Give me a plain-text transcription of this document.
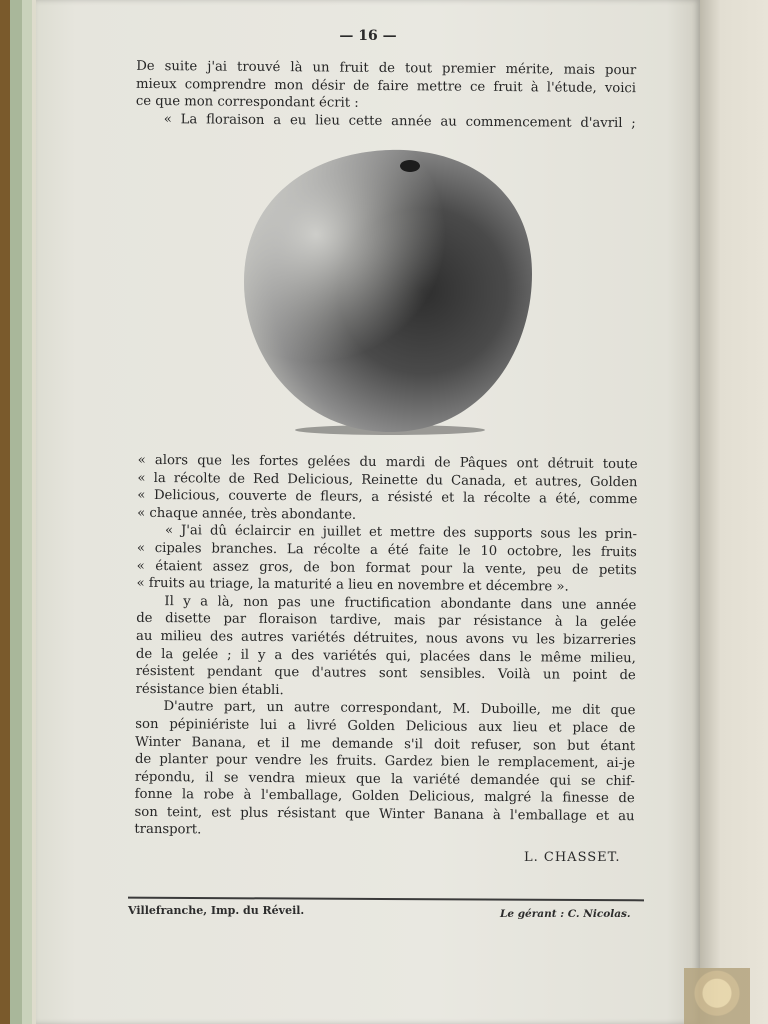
— 16 —
De suite j'ai trouvé là un fruit de tout premier mérite, mais pour
mieux comprendre mon désir de faire mettre ce fruit à l'étude, voici
ce que mon correspondant écrit :
« La floraison a eu lieu cette année au commencement d'avril ;
« alors que les fortes gelées du mardi de Pâques ont détruit toute
« la récolte de Red Delicious, Reinette du Canada, et autres, Golden
« Delicious, couverte de fleurs, a résisté et la récolte a été, comme
« chaque année, très abondante.
« J'ai dû éclaircir en juillet et mettre des supports sous les prin-
« cipales branches. La récolte a été faite le 10 octobre, les fruits
« étaient assez gros, de bon format pour la vente, peu de petits
« fruits au triage, la maturité a lieu en novembre et décembre ».
Il y a là, non pas une fructification abondante dans une année
de disette par floraison tardive, mais par résistance à la gelée
au milieu des autres variétés détruites, nous avons vu les bizarreries
de la gelée ; il y a des variétés qui, placées dans le même milieu,
résistent pendant que d'autres sont sensibles. Voilà un point de
résistance bien établi.
D'autre part, un autre correspondant, M. Duboille, me dit que
son pépiniériste lui a livré Golden Delicious aux lieu et place de
Winter Banana, et il me demande s'il doit refuser, son but étant
de planter pour vendre les fruits. Gardez bien le remplacement, ai-je
répondu, il se vendra mieux que la variété demandée qui se chif-
fonne la robe à l'emballage, Golden Delicious, malgré la finesse de
son teint, est plus résistant que Winter Banana à l'emballage et au
transport.
L. CHASSET.
Villefranche, Imp. du Réveil.	Le gérant : C. Nicolas.
